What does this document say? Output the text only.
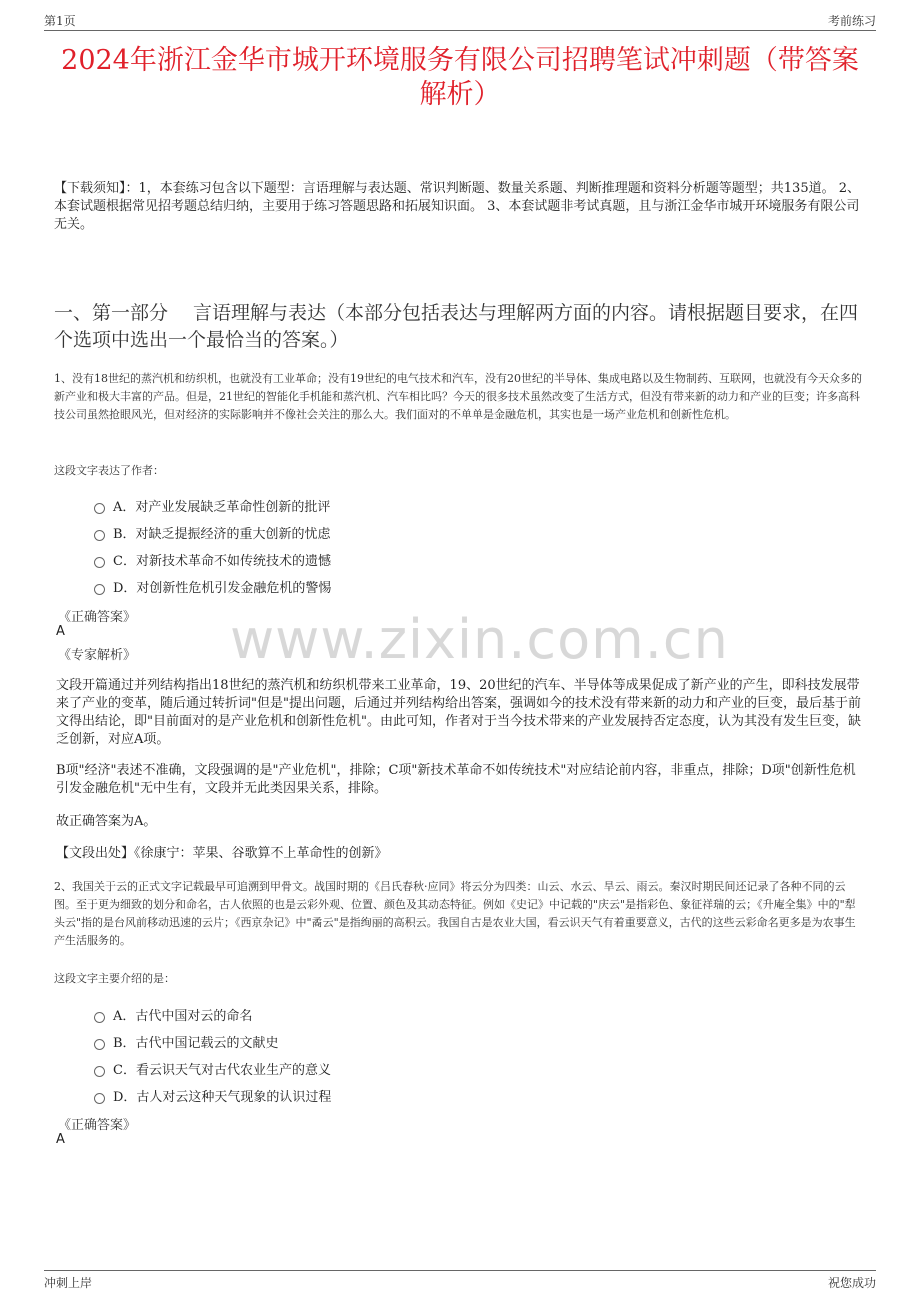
第1页	考前练习
2024年浙江金华市城开环境服务有限公司招聘笔试冲刺题（带答案解析）
【下载须知】：1，本套练习包含以下题型：言语理解与表达题、常识判断题、数量关系题、判断推理题和资料分析题等题型；共135道。 2、本套试题根据常见招考题总结归纳，主要用于练习答题思路和拓展知识面。 3、本套试题非考试真题，且与浙江金华市城开环境服务有限公司无关。
一、第一部分　 言语理解与表达（本部分包括表达与理解两方面的内容。请根据题目要求，在四个选项中选出一个最恰当的答案。）
www.zixin.com.cn
1、没有18世纪的蒸汽机和纺织机，也就没有工业革命；没有19世纪的电气技术和汽车，没有20世纪的半导体、集成电路以及生物制药、互联网，也就没有今天众多的新产业和极大丰富的产品。但是，21世纪的智能化手机能和蒸汽机、汽车相比吗？今天的很多技术虽然改变了生活方式，但没有带来新的动力和产业的巨变；许多高科技公司虽然抢眼风光，但对经济的实际影响并不像社会关注的那么大。我们面对的不单单是金融危机，其实也是一场产业危机和创新性危机。
这段文字表达了作者：
A．对产业发展缺乏革命性创新的批评
B．对缺乏提振经济的重大创新的忧虑
C．对新技术革命不如传统技术的遗憾
D．对创新性危机引发金融危机的警惕
《正确答案》
A
《专家解析》
文段开篇通过并列结构指出18世纪的蒸汽机和纺织机带来工业革命，19、20世纪的汽车、半导体等成果促成了新产业的产生，即科技发展带来了产业的变革，随后通过转折词"但是"提出问题，后通过并列结构给出答案，强调如今的技术没有带来新的动力和产业的巨变，最后基于前文得出结论，即"目前面对的是产业危机和创新性危机"。由此可知，作者对于当今技术带来的产业发展持否定态度，认为其没有发生巨变，缺乏创新，对应A项。
B项"经济"表述不准确，文段强调的是"产业危机"，排除；C项"新技术革命不如传统技术"对应结论前内容，非重点，排除；D项"创新性危机引发金融危机"无中生有，文段并无此类因果关系，排除。
故正确答案为A。
【文段出处】《徐康宁：苹果、谷歌算不上革命性的创新》
2、我国关于云的正式文字记载最早可追溯到甲骨文。战国时期的《吕氏春秋·应同》将云分为四类：山云、水云、旱云、雨云。秦汉时期民间还记录了各种不同的云图。至于更为细致的划分和命名，古人依照的也是云彩外观、位置、颜色及其动态特征。例如《史记》中记载的"庆云"是指彩色、象征祥瑞的云；《升庵全集》中的"犁头云"指的是台风前移动迅速的云片；《西京杂记》中"矞云"是指绚丽的高积云。我国自古是农业大国，看云识天气有着重要意义，古代的这些云彩命名更多是为农事生产生活服务的。
这段文字主要介绍的是：
A．古代中国对云的命名
B．古代中国记载云的文献史
C．看云识天气对古代农业生产的意义
D．古人对云这种天气现象的认识过程
《正确答案》
A
冲刺上岸	祝您成功
